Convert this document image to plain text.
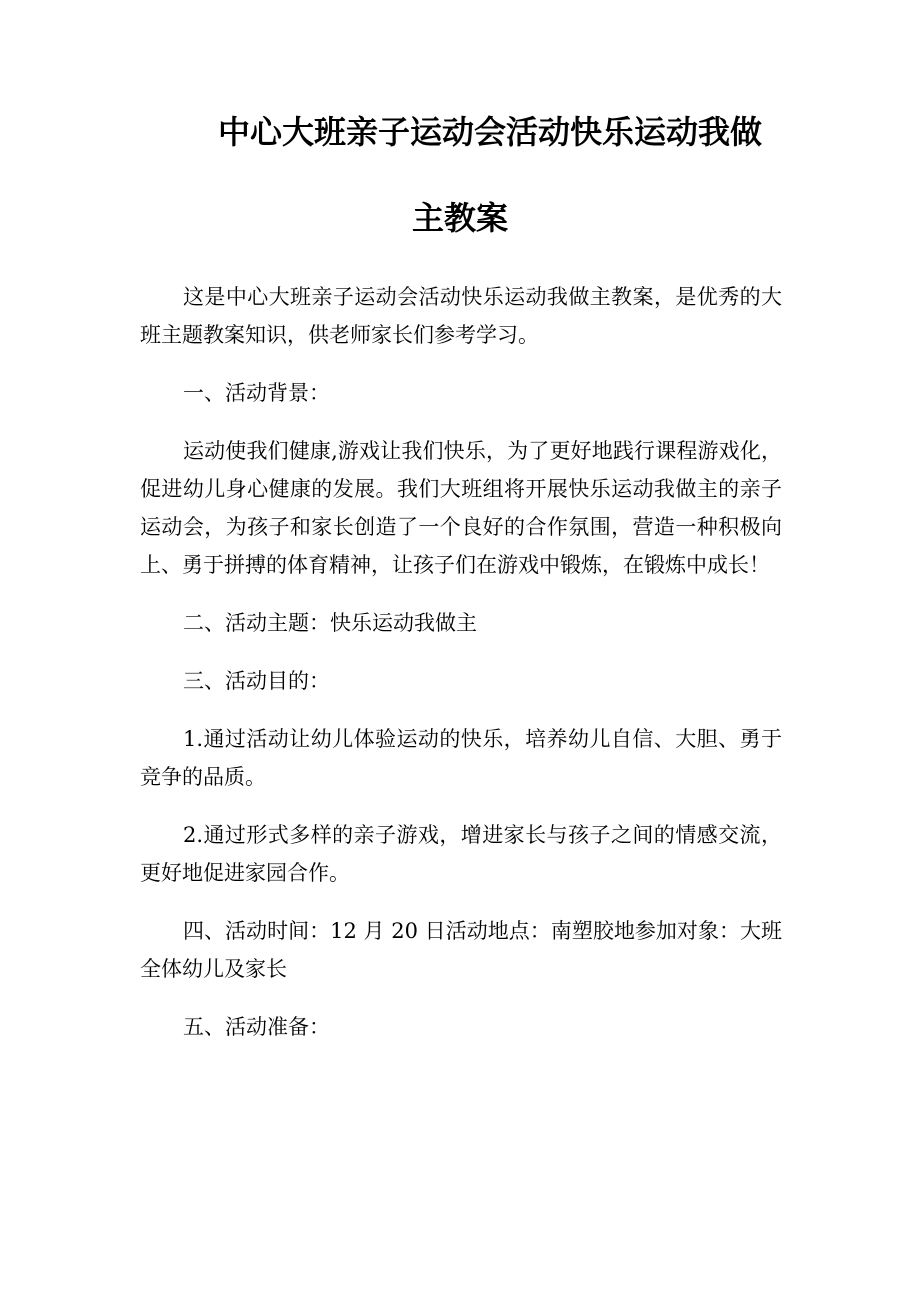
中心大班亲子运动会活动快乐运动我做
主教案

这是中心大班亲子运动会活动快乐运动我做主教案，是优秀的大班主题教案知识，供老师家长们参考学习。

一、活动背景：

运动使我们健康,游戏让我们快乐，为了更好地践行课程游戏化，促进幼儿身心健康的发展。我们大班组将开展快乐运动我做主的亲子运动会，为孩子和家长创造了一个良好的合作氛围，营造一种积极向上、勇于拼搏的体育精神，让孩子们在游戏中锻炼，在锻炼中成长！

二、活动主题：快乐运动我做主

三、活动目的：

1.通过活动让幼儿体验运动的快乐，培养幼儿自信、大胆、勇于竞争的品质。

2.通过形式多样的亲子游戏，增进家长与孩子之间的情感交流，更好地促进家园合作。

四、活动时间：12 月 20 日活动地点：南塑胶地参加对象：大班全体幼儿及家长

五、活动准备：
